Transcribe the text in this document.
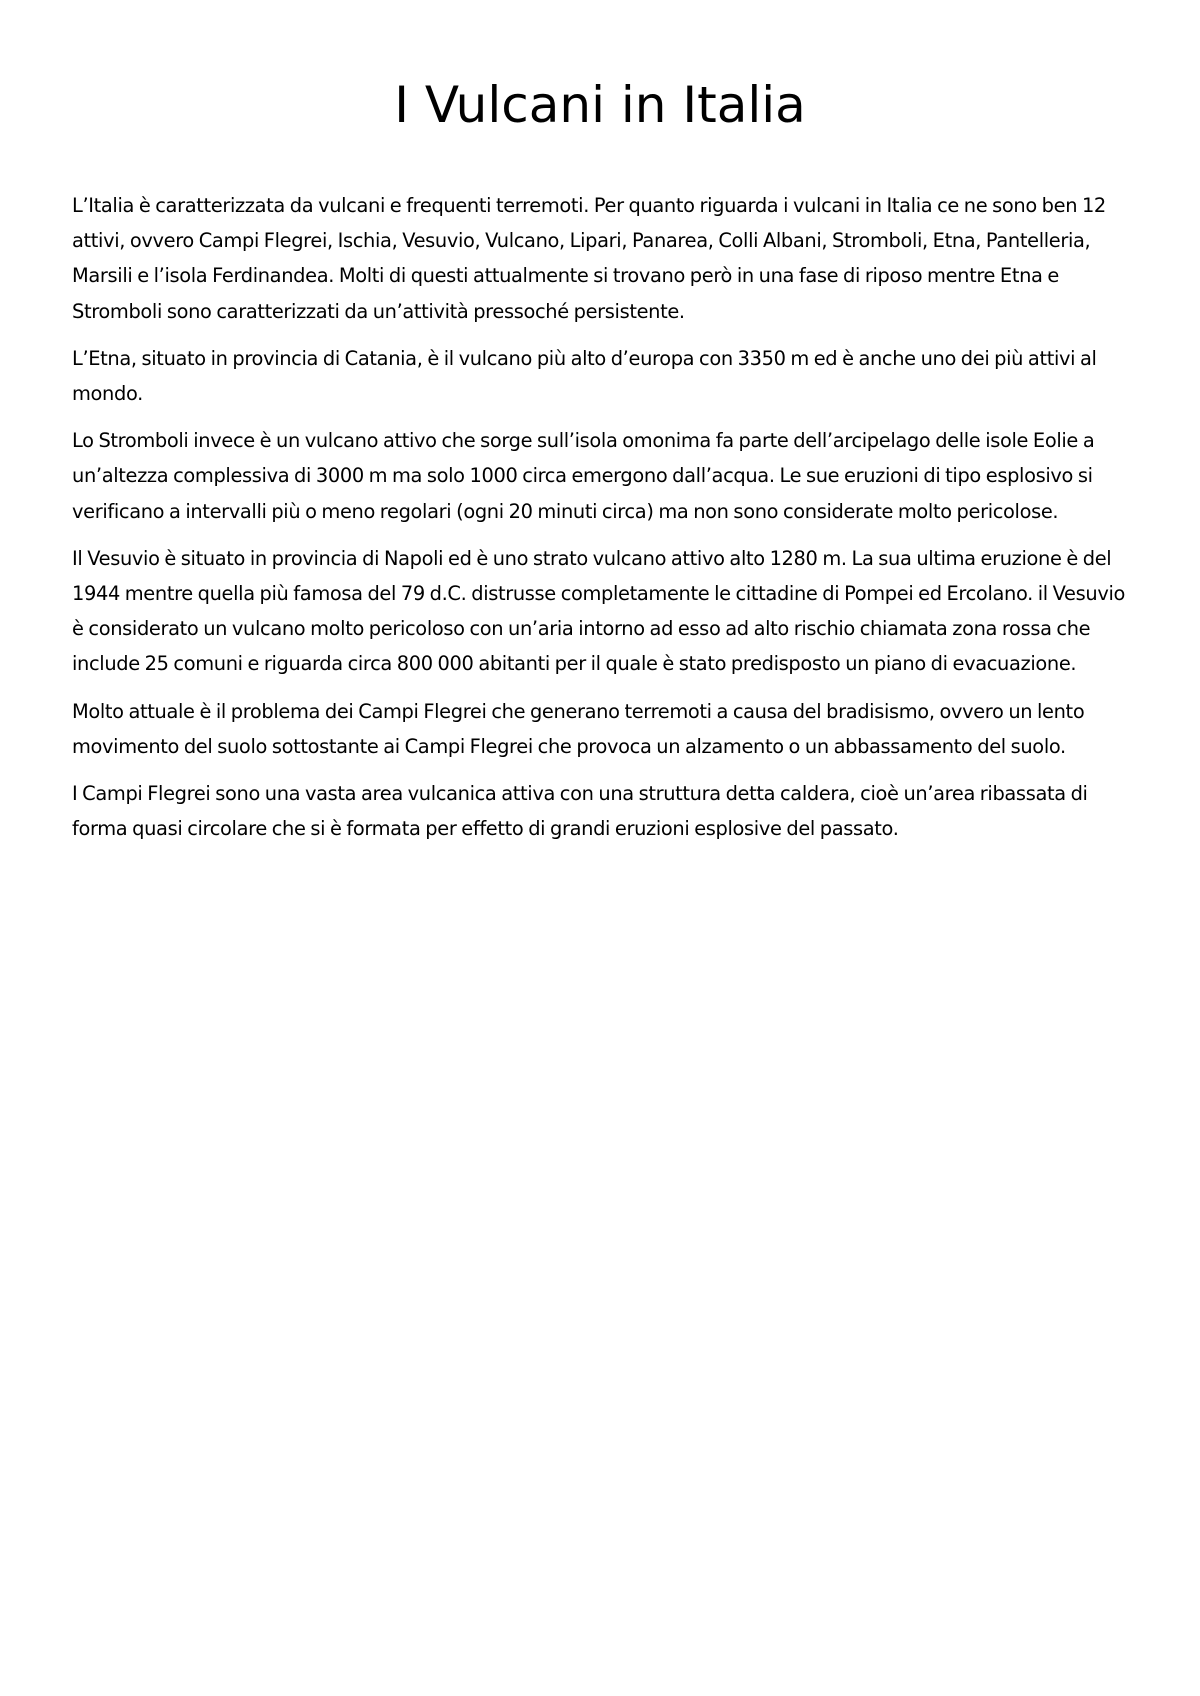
I Vulcani in Italia

L’Italia è caratterizzata da vulcani e frequenti terremoti. Per quanto riguarda i vulcani in Italia ce ne sono ben 12 attivi, ovvero Campi Flegrei, Ischia, Vesuvio, Vulcano, Lipari, Panarea, Colli Albani, Stromboli, Etna, Pantelleria, Marsili e l’isola Ferdinandea. Molti di questi attualmente si trovano però in una fase di riposo mentre Etna e Stromboli sono caratterizzati da un’attività pressoché persistente.

L’Etna, situato in provincia di Catania, è il vulcano più alto d’europa con 3350 m ed è anche uno dei più attivi al mondo.

Lo Stromboli invece è un vulcano attivo che sorge sull’isola omonima fa parte dell’arcipelago delle isole Eolie a un’altezza complessiva di 3000 m ma solo 1000 circa emergono dall’acqua. Le sue eruzioni di tipo esplosivo si verificano a intervalli più o meno regolari (ogni 20 minuti circa) ma non sono considerate molto pericolose.

Il Vesuvio è situato in provincia di Napoli ed è uno strato vulcano attivo alto 1280 m. La sua ultima eruzione è del 1944 mentre quella più famosa del 79 d.C. distrusse completamente le cittadine di Pompei ed Ercolano. il Vesuvio è considerato un vulcano molto pericoloso con un’aria intorno ad esso ad alto rischio chiamata zona rossa che include 25 comuni e riguarda circa 800 000 abitanti per il quale è stato predisposto un piano di evacuazione.

Molto attuale è il problema dei Campi Flegrei che generano terremoti a causa del bradisismo, ovvero un lento movimento del suolo sottostante ai Campi Flegrei che provoca un alzamento o un abbassamento del suolo.

I Campi Flegrei sono una vasta area vulcanica attiva con una struttura detta caldera, cioè un’area ribassata di forma quasi circolare che si è formata per effetto di grandi eruzioni esplosive del passato.
